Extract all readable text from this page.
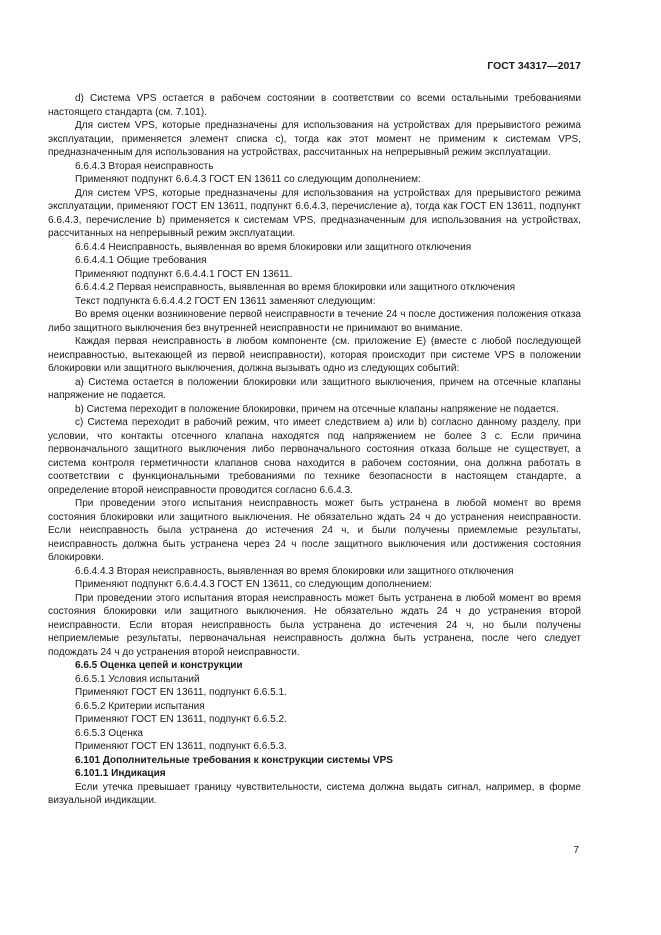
ГОСТ 34317—2017

d) Система VPS остается в рабочем состоянии в соответствии со всеми остальными требованиями настоящего стандарта (см. 7.101).

Для систем VPS, которые предназначены для использования на устройствах для прерывистого режима эксплуатации, применяется элемент списка с), тогда как этот момент не применим к системам VPS, предназначенным для использования на устройствах, рассчитанных на непрерывный режим эксплуатации.

6.6.4.3 Вторая неисправность

Применяют подпункт 6.6.4.3 ГОСТ EN 13611 со следующим дополнением:

Для систем VPS, которые предназначены для использования на устройствах для прерывистого режима эксплуатации, применяют ГОСТ EN 13611, подпункт 6.6.4.3, перечисление а), тогда как ГОСТ EN 13611, подпункт 6.6.4.3, перечисление b) применяется к системам VPS, предназначенным для использования на устройствах, рассчитанных на непрерывный режим эксплуатации.

6.6.4.4 Неисправность, выявленная во время блокировки или защитного отключения

6.6.4.4.1 Общие требования

Применяют подпункт 6.6.4.4.1 ГОСТ EN 13611.

6.6.4.4.2 Первая неисправность, выявленная во время блокировки или защитного отключения

Текст подпункта 6.6.4.4.2 ГОСТ EN 13611 заменяют следующим:

Во время оценки возникновение первой неисправности в течение 24 ч после достижения положения отказа либо защитного выключения без внутренней неисправности не принимают во внимание.

Каждая первая неисправность в любом компоненте (см. приложение Е) (вместе с любой последующей неисправностью, вытекающей из первой неисправности), которая происходит при системе VPS в положении блокировки или защитного выключения, должна вызывать одно из следующих событий:

а) Система остается в положении блокировки или защитного выключения, причем на отсечные клапаны напряжение не подается.

b) Система переходит в положение блокировки, причем на отсечные клапаны напряжение не подается.

с) Система переходит в рабочий режим, что имеет следствием а) или b) согласно данному разделу, при условии, что контакты отсечного клапана находятся под напряжением не более 3 с. Если причина первоначального защитного выключения либо первоначального состояния отказа больше не существует, а система контроля герметичности клапанов снова находится в рабочем состоянии, она должна работать в соответствии с функциональными требованиями по технике безопасности в настоящем стандарте, а определение второй неисправности проводится согласно 6.6.4.3.

При проведении этого испытания неисправность может быть устранена в любой момент во время состояния блокировки или защитного выключения. Не обязательно ждать 24 ч до устранения неисправности. Если неисправность была устранена до истечения 24 ч, и были получены приемлемые результаты, неисправность должна быть устранена через 24 ч после защитного выключения или достижения состояния блокировки.

6.6.4.4.3 Вторая неисправность, выявленная во время блокировки или защитного отключения

Применяют подпункт 6.6.4.4.3 ГОСТ EN 13611, со следующим дополнением:

При проведении этого испытания вторая неисправность может быть устранена в любой момент во время состояния блокировки или защитного выключения. Не обязательно ждать 24 ч до устранения второй неисправности. Если вторая неисправность была устранена до истечения 24 ч, но были получены неприемлемые результаты, первоначальная неисправность должна быть устранена, после чего следует подождать 24 ч до устранения второй неисправности.

6.6.5 Оценка цепей и конструкции

6.6.5.1 Условия испытаний

Применяют ГОСТ EN 13611, подпункт 6.6.5.1.

6.6.5.2 Критерии испытания

Применяют ГОСТ EN 13611, подпункт 6.6.5.2.

6.6.5.3 Оценка

Применяют ГОСТ EN 13611, подпункт 6.6.5.3.

6.101 Дополнительные требования к конструкции системы VPS

6.101.1 Индикация

Если утечка превышает границу чувствительности, система должна выдать сигнал, например, в форме визуальной индикации.

7
